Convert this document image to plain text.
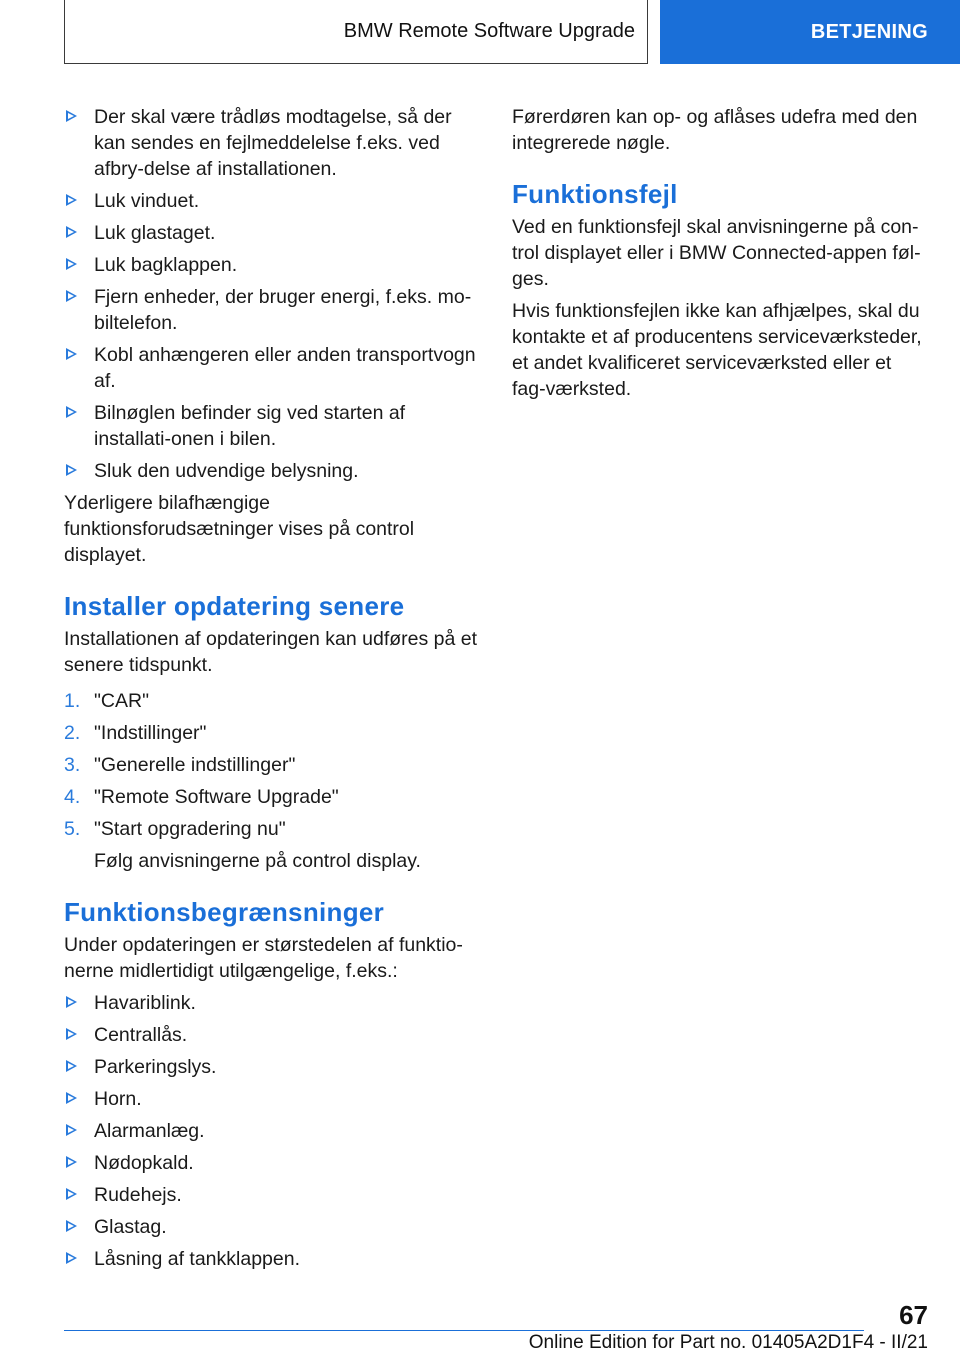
BMW Remote Software Upgrade	BETJENING
Der skal være trådløs modtagelse, så der kan sendes en fejlmeddelelse f.eks. ved afbry-delse af installationen.
Luk vinduet.
Luk glastaget.
Luk bagklappen.
Fjern enheder, der bruger energi, f.eks. mo-biltelefon.
Kobl anhængeren eller anden transportvogn af.
Bilnøglen befinder sig ved starten af installati-onen i bilen.
Sluk den udvendige belysning.

Yderligere bilafhængige funktionsforudsætninger vises på control displayet.

Installer opdatering senere

Installationen af opdateringen kan udføres på et senere tidspunkt.

1. "CAR"
2. "Indstillinger"
3. "Generelle indstillinger"
4. "Remote Software Upgrade"
5. "Start opgradering nu"

Følg anvisningerne på control display.

Funktionsbegrænsninger

Under opdateringen er størstedelen af funktio-nerne midlertidigt utilgængelige, f.eks.:

Havariblink.
Centrallås.
Parkeringslys.
Horn.
Alarmanlæg.
Nødopkald.
Rudehejs.
Glastag.
Låsning af tankklappen.

Førerdøren kan op- og aflåses udefra med den integrerede nøgle.

Funktionsfejl

Ved en funktionsfejl skal anvisningerne på con-trol displayet eller i BMW Connected-appen føl-ges.

Hvis funktionsfejlen ikke kan afhjælpes, skal du kontakte et af producentens serviceværksteder, et andet kvalificeret serviceværksted eller et fag-værksted.

67
Online Edition for Part no. 01405A2D1F4 - II/21
